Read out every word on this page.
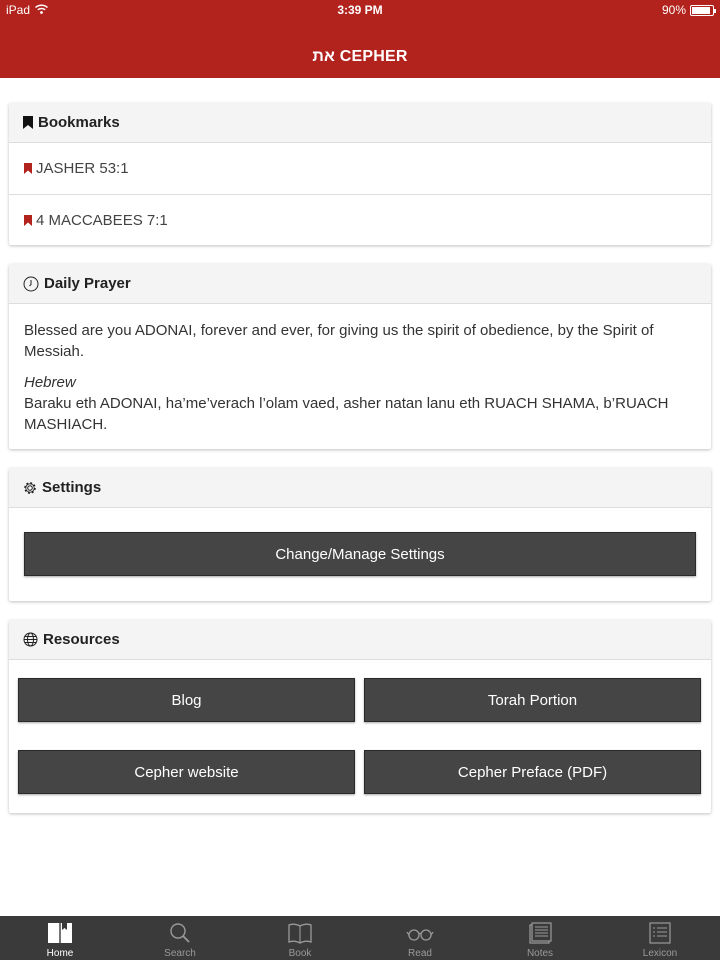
iPad	3:39 PM	90%
את CEPHER
Bookmarks
JASHER 53:1
4 MACCABEES 7:1
Daily Prayer
Blessed are you ADONAI, forever and ever, for giving us the spirit of obedience, by the Spirit of Messiah.
Hebrew
Baraku eth ADONAI, ha’me’verach l’olam vaed, asher natan lanu eth RUACH SHAMA, b’RUACH MASHIACH.
Settings
Change/Manage Settings
Resources
Blog	Torah Portion
Cepher website	Cepher Preface (PDF)
Home	Search	Book	Read	Notes	Lexicon
